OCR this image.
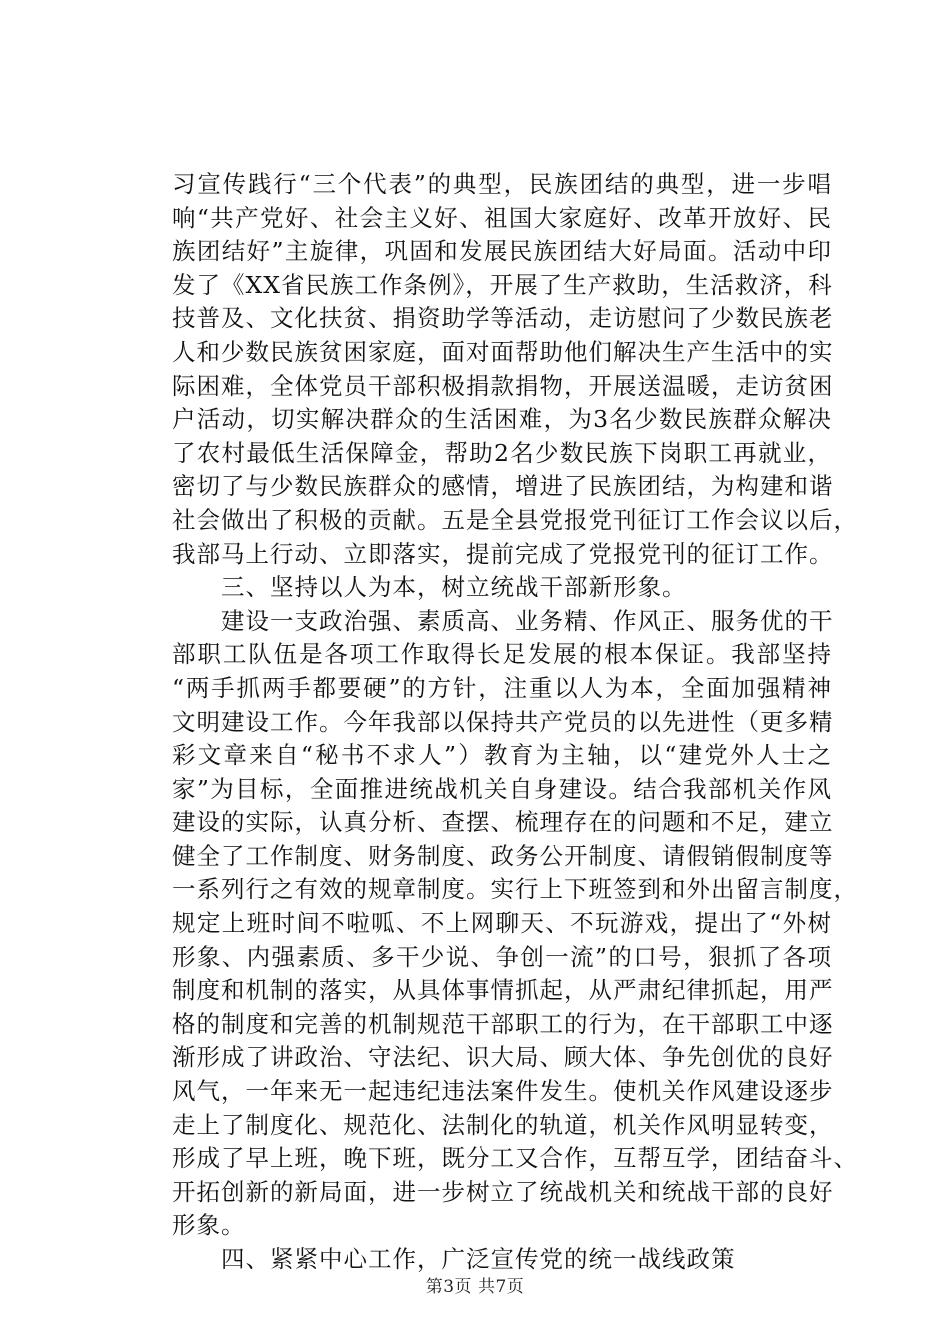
习宣传践行“三个代表”的典型，民族团结的典型，进一步唱
响“共产党好、社会主义好、祖国大家庭好、改革开放好、民
族团结好”主旋律，巩固和发展民族团结大好局面。活动中印
发了《XX省民族工作条例》，开展了生产救助，生活救济，科
技普及、文化扶贫、捐资助学等活动，走访慰问了少数民族老
人和少数民族贫困家庭，面对面帮助他们解决生产生活中的实
际困难，全体党员干部积极捐款捐物，开展送温暖，走访贫困
户活动，切实解决群众的生活困难，为3名少数民族群众解决
了农村最低生活保障金，帮助2名少数民族下岗职工再就业，
密切了与少数民族群众的感情，增进了民族团结，为构建和谐
社会做出了积极的贡献。五是全县党报党刊征订工作会议以后，
我部马上行动、立即落实，提前完成了党报党刊的征订工作。
　　三、坚持以人为本，树立统战干部新形象。
　　建设一支政治强、素质高、业务精、作风正、服务优的干
部职工队伍是各项工作取得长足发展的根本保证。我部坚持
“两手抓两手都要硬”的方针，注重以人为本，全面加强精神
文明建设工作。今年我部以保持共产党员的以先进性（更多精
彩文章来自“秘书不求人”）教育为主轴，以“建党外人士之
家”为目标，全面推进统战机关自身建设。结合我部机关作风
建设的实际，认真分析、查摆、梳理存在的问题和不足，建立
健全了工作制度、财务制度、政务公开制度、请假销假制度等
一系列行之有效的规章制度。实行上下班签到和外出留言制度，
规定上班时间不啦呱、不上网聊天、不玩游戏，提出了“外树
形象、内强素质、多干少说、争创一流”的口号，狠抓了各项
制度和机制的落实，从具体事情抓起，从严肃纪律抓起，用严
格的制度和完善的机制规范干部职工的行为，在干部职工中逐
渐形成了讲政治、守法纪、识大局、顾大体、争先创优的良好
风气，一年来无一起违纪违法案件发生。使机关作风建设逐步
走上了制度化、规范化、法制化的轨道，机关作风明显转变，
形成了早上班，晚下班，既分工又合作，互帮互学，团结奋斗、
开拓创新的新局面，进一步树立了统战机关和统战干部的良好
形象。
　　四、紧紧中心工作，广泛宣传党的统一战线政策
第3页 共7页
